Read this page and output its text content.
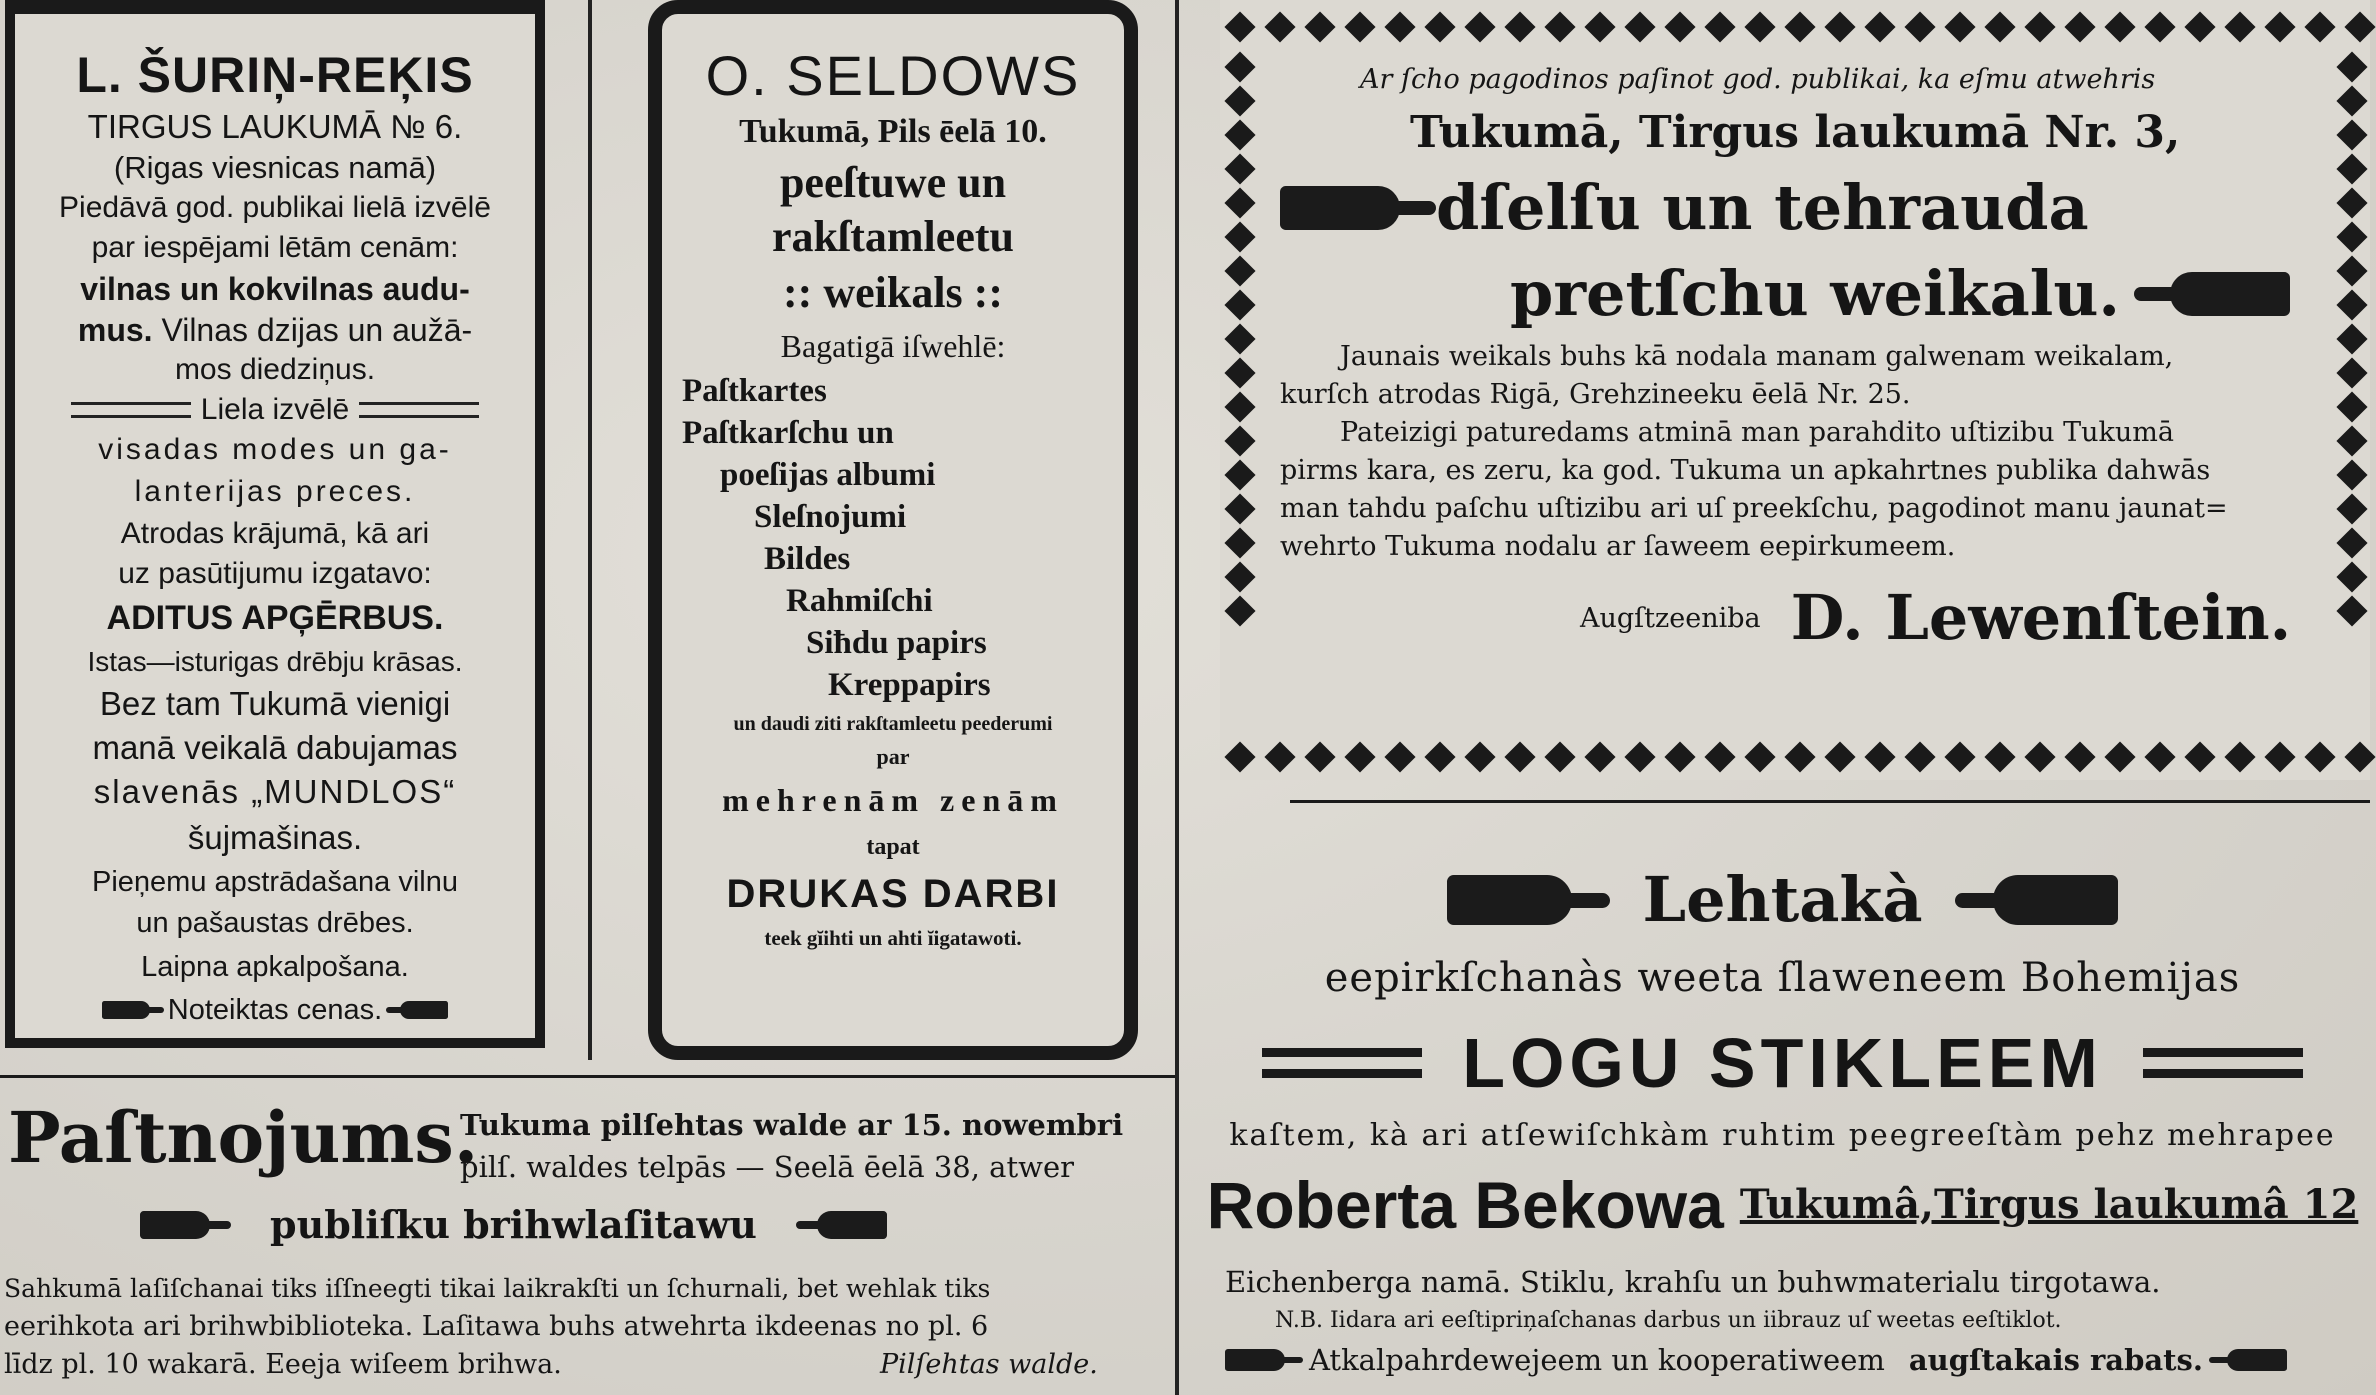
L. ŠURIŅ-REĶIS
TIRGUS LAUKUMĀ № 6.
(Rigas viesnicas namā)
Piedāvā god. publikai lielā izvēlē
par iespējami lētām cenām:
vilnas un kokvilnas audu-
mus. Vilnas dzijas un aužā-
mos diedziņus.
Liela izvēlē
visadas modes un ga-
lanterijas preces.
Atrodas krājumā, kā ari
uz pasūtijumu izgatavo:
ADITUS APĢĒRBUS.
Istas—isturigas drēbju krāsas.
Bez tam Tukumā vienigi
manā veikalā dabujamas
slavenās „MUNDLOS“
šujmašinas.
Pieņemu apstrādašana vilnu
un pašaustas drēbes.
Laipna apkalpošana.
Noteiktas cenas.
O. SELDOWS
Tukumā, Pils ēelā 10.
peeſtuwe un
rakſtamleetu
:: weikals ::
Bagatigā iſwehlē:
Paſtkartes
Paſtkarſchu un
poeſijas albumi
Sleſnojumi
Bildes
Rahmiſchi
Siħdu papirs
Kreppapirs
un daudi ziti rakſtamleetu peederumi
par
mehrenām zenām
tapat
DRUKAS DARBI
teek gĭihti un ahti ĭigatawoti.
Ar ſcho pagodinos paſinot god. publikai, ka eſmu atwehris
Tukumā, Tirgus laukumā Nr. 3,
dſelſu un tehrauda
pretſchu weikalu.
Jaunais weikals buhs kā nodala manam galwenam weikalam,
kurſch atrodas Rigā, Grehzineeku ēelā Nr. 25.
Pateizigi paturedams atminā man parahdito uſtizibu Tukumā
pirms kara, es zeru, ka god. Tukuma un apkahrtnes publika dahwās
man tahdu paſchu uſtizibu ari uſ preekſchu, pagodinot manu jaunat=
wehrto Tukuma nodalu ar ſaweem eepirkumeem.
Augſtzeeniba D. Lewenſtein.
Lehtakà
eepirkſchanàs weeta ſlaweneem Bohemijas
LOGU STIKLEEM
kaſtem, kà ari atſewiſchkàm ruhtim peegreeſtàm pehz mehrapee
Roberta Bekowa Tukumâ,Tirgus laukumâ 12
Eichenberga namā. Stiklu, krahſu un buhwmaterialu tirgotawa.
N.B. Iidara ari eeſtipriņaſchanas darbus un iibrauz uſ weetas eeſtiklot.
Atkalpahrdewejeem un kooperatiweem augſtakais rabats.
Paſtnojums.
Tukuma pilſehtas walde ar 15. nowembri
pilſ. waldes telpās — Seelā ēelā 38, atwer
publiſku brihwlaſitawu
Sahkumā laſiſchanai tiks iſſneegti tikai laikrakſti un ſchurnali, bet wehlak tiks
eerihkota ari brihwbiblioteka. Laſitawa buhs atwehrta ikdeenas no pl. 6
līdz pl. 10 wakarā. Eeeja wiſeem brihwa.	Pilſehtas walde.
